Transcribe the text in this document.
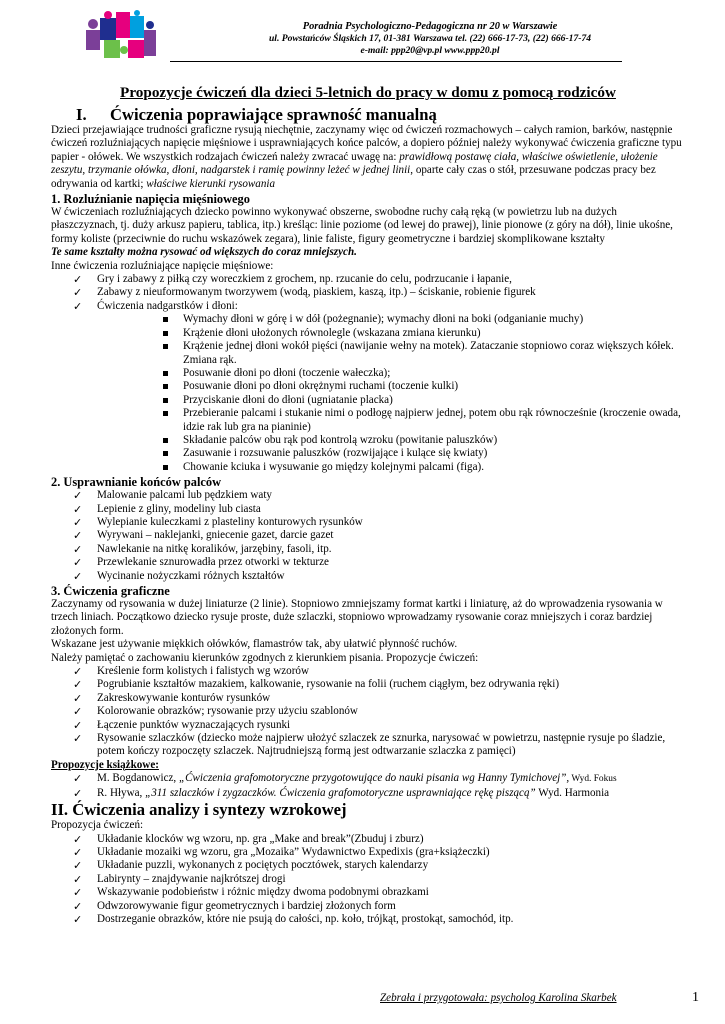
Poradnia Psychologiczno-Pedagogiczna nr 20 w Warszawie
ul. Powstańców Śląskich 17, 01-381 Warszawa tel. (22) 666-17-73, (22) 666-17-74
e-mail: ppp20@vp.pl www.ppp20.pl
Propozycje ćwiczeń dla dzieci 5-letnich do pracy w domu z pomocą rodziców
I. Ćwiczenia poprawiające sprawność manualną

Dzieci przejawiające trudności graficzne rysują niechętnie, zaczynamy więc od ćwiczeń rozmachowych – całych ramion, barków, następnie ćwiczeń rozluźniających napięcie mięśniowe i usprawniających końce palców, a dopiero później należy wykonywać ćwiczenia graficzne typu papier - ołówek. We wszystkich rodzajach ćwiczeń należy zwracać uwagę na: prawidłową postawę ciała, właściwe oświetlenie, ułożenie zeszytu, trzymanie ołówka, dłoni, nadgarstek i ramię powinny leżeć w jednej linii, oparte cały czas o stół, przesuwane podczas pracy bez odrywania od kartki; właściwe kierunki rysowania

1. Rozluźnianie napięcia mięśniowego

W ćwiczeniach rozluźniających dziecko powinno wykonywać obszerne, swobodne ruchy całą ręką (w powietrzu lub na dużych płaszczyznach, tj. duży arkusz papieru, tablica, itp.) kreśląc: linie poziome (od lewej do prawej), linie pionowe (z góry na dół), linie ukośne, formy koliste (przeciwnie do ruchu wskazówek zegara), linie faliste, figury geometryczne i bardziej skomplikowane kształty

Te same kształty można rysować od większych do coraz mniejszych.

Inne ćwiczenia rozluźniające napięcie mięśniowe:

✓ Gry i zabawy z piłką czy woreczkiem z grochem, np. rzucanie do celu, podrzucanie i łapanie,
✓ Zabawy z nieuformowanym tworzywem (wodą, piaskiem, kaszą, itp.) – ściskanie, robienie figurek
✓ Ćwiczenia nadgarstków i dłoni:
Wymachy dłoni w górę i w dół (pożegnanie); wymachy dłoni na boki (odganianie muchy)
Krążenie dłoni ułożonych równolegle (wskazana zmiana kierunku)
Krążenie jednej dłoni wokół pięści (nawijanie wełny na motek). Zataczanie stopniowo coraz większych kółek. Zmiana rąk.
Posuwanie dłoni po dłoni (toczenie wałeczka);
Posuwanie dłoni po dłoni okrężnymi ruchami (toczenie kulki)
Przyciskanie dłoni do dłoni (ugniatanie placka)
Przebieranie palcami i stukanie nimi o podłogę najpierw jednej, potem obu rąk równocześnie (kroczenie owada, idzie rak lub gra na pianinie)
Składanie palców obu rąk pod kontrolą wzroku (powitanie paluszków)
Zasuwanie i rozsuwanie paluszków (rozwijające i kulące się kwiaty)
Chowanie kciuka i wysuwanie go między kolejnymi palcami (figa).
2. Usprawnianie końców palców
✓ Malowanie palcami lub pędzkiem waty
✓ Lepienie z gliny, modeliny lub ciasta
✓ Wylepianie kuleczkami z plasteliny konturowych rysunków
✓ Wyrywani – naklejanki, gniecenie gazet, darcie gazet
✓ Nawlekanie na nitkę koralików, jarzębiny, fasoli, itp.
✓ Przewlekanie sznurowadła przez otworki w tekturze
✓ Wycinanie nożyczkami różnych kształtów
3. Ćwiczenia graficzne

Zaczynamy od rysowania w dużej liniaturze (2 linie). Stopniowo zmniejszamy format kartki i liniaturę, aż do wprowadzenia rysowania w trzech liniach. Początkowo dziecko rysuje proste, duże szlaczki, stopniowo wprowadzamy rysowanie coraz mniejszych i coraz bardziej złożonych form.

Wskazane jest używanie miękkich ołówków, flamastrów tak, aby ułatwić płynność ruchów.

Należy pamiętać o zachowaniu kierunków zgodnych z kierunkiem pisania. Propozycje ćwiczeń:

✓ Kreślenie form kolistych i falistych wg wzorów
✓ Pogrubianie kształtów mazakiem, kalkowanie, rysowanie na folii (ruchem ciągłym, bez odrywania ręki)
✓ Zakreskowywanie konturów rysunków
✓ Kolorowanie obrazków; rysowanie przy użyciu szablonów
✓ Łączenie punktów wyznaczających rysunki
✓ Rysowanie szlaczków (dziecko może najpierw ułożyć szlaczek ze sznurka, narysować w powietrzu, następnie rysuje po śladzie, potem kończy rozpoczęty szlaczek. Najtrudniejszą formą jest odtwarzanie szlaczka z pamięci)

Propozycje książkowe:

✓ M. Bogdanowicz, „Ćwiczenia grafomotoryczne przygotowujące do nauki pisania wg Hanny Tymichovej”, Wyd. Fokus
✓ R. Hływa, „311 szlaczków i zygzaczków. Ćwiczenia grafomotoryczne usprawniające rękę piszącą” Wyd. Harmonia
II. Ćwiczenia analizy i syntezy wzrokowej

Propozycja ćwiczeń:

✓ Układanie klocków wg wzoru, np. gra „Make and break”(Zbuduj i zburz)
✓ Układanie mozaiki wg wzoru, gra „Mozaika” Wydawnictwo Expedixis (gra+książeczki)
✓ Układanie puzzli, wykonanych z pociętych pocztówek, starych kalendarzy
✓ Labirynty – znajdywanie najkrótszej drogi
✓ Wskazywanie podobieństw i różnic między dwoma podobnymi obrazkami
✓ Odwzorowywanie figur geometrycznych i bardziej złożonych form
✓ Dostrzeganie obrazków, które nie psują do całości, np. koło, trójkąt, prostokąt, samochód, itp.
Zebrała i przygotowała: psycholog Karolina Skarbek	1
